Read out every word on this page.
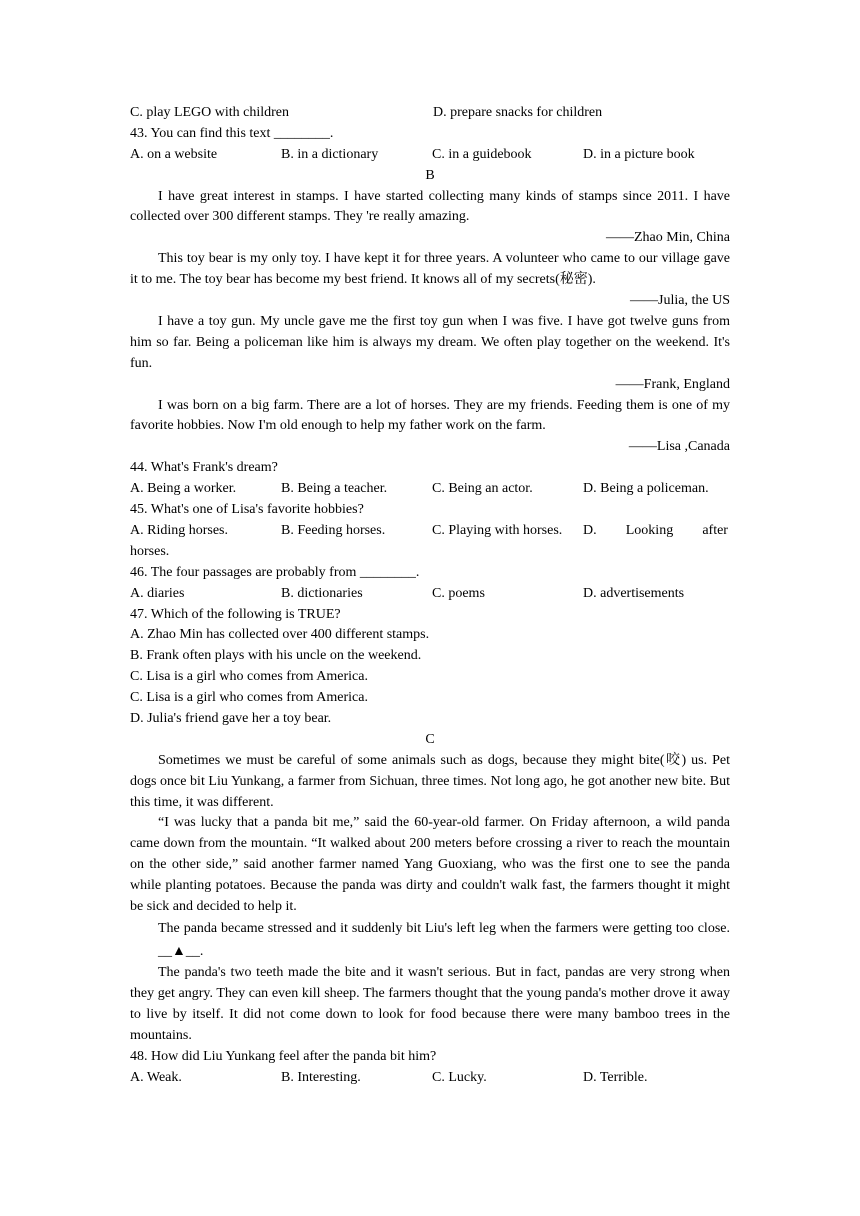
C. play LEGO with children	D. prepare snacks for children
43. You can find this text ________.
A. on a website	B. in a dictionary	C. in a guidebook	D. in a picture book
B

I have great interest in stamps. I have started collecting many kinds of stamps since 2011. I have collected over 300 different stamps. They 're really amazing.

——Zhao Min, China

This toy bear is my only toy. I have kept it for three years. A volunteer who came to our village gave it to me. The toy bear has become my best friend. It knows all of my secrets(秘密).

——Julia, the US

I have a toy gun. My uncle gave me the first toy gun when I was five. I have got twelve guns from him so far. Being a policeman like him is always my dream. We often play together on the weekend. It's fun.

——Frank, England

I was born on a big farm. There are a lot of horses. They are my friends. Feeding them is one of my favorite hobbies. Now I'm old enough to help my father work on the farm.

——Lisa ,Canada
44. What's Frank's dream?
A. Being a worker.	B. Being a teacher.	C. Being an actor.	D. Being a policeman.
45. What's one of Lisa's favorite hobbies?
A. Riding horses.	B. Feeding horses.	C. Playing with horses.	D. Looking after
horses.
46. The four passages are probably from ________.
A. diaries	B. dictionaries	C. poems	D. advertisements
47. Which of the following is TRUE?
A. Zhao Min has collected over 400 different stamps.
B. Frank often plays with his uncle on the weekend.
C. Lisa is a girl who comes from America.
C. Lisa is a girl who comes from America.
D. Julia's friend gave her a toy bear.
C

Sometimes we must be careful of some animals such as dogs, because they might bite(咬) us. Pet dogs once bit Liu Yunkang, a farmer from Sichuan, three times. Not long ago, he got another new bite. But this time, it was different.

“I was lucky that a panda bit me,” said the 60-year-old farmer. On Friday afternoon, a wild panda came down from the mountain. “It walked about 200 meters before crossing a river to reach the mountain on the other side,” said another farmer named Yang Guoxiang, who was the first one to see the panda while planting potatoes. Because the panda was dirty and couldn't walk fast, the farmers thought it might be sick and decided to help it.

The panda became stressed and it suddenly bit Liu's left leg when the farmers were getting too close. __▲__.

The panda's two teeth made the bite and it wasn't serious. But in fact, pandas are very strong when they get angry. They can even kill sheep. The farmers thought that the young panda's mother drove it away to live by itself. It did not come down to look for food because there were many bamboo trees in the mountains.

48. How did Liu Yunkang feel after the panda bit him?
A. Weak.	B. Interesting.	C. Lucky.	D. Terrible.
